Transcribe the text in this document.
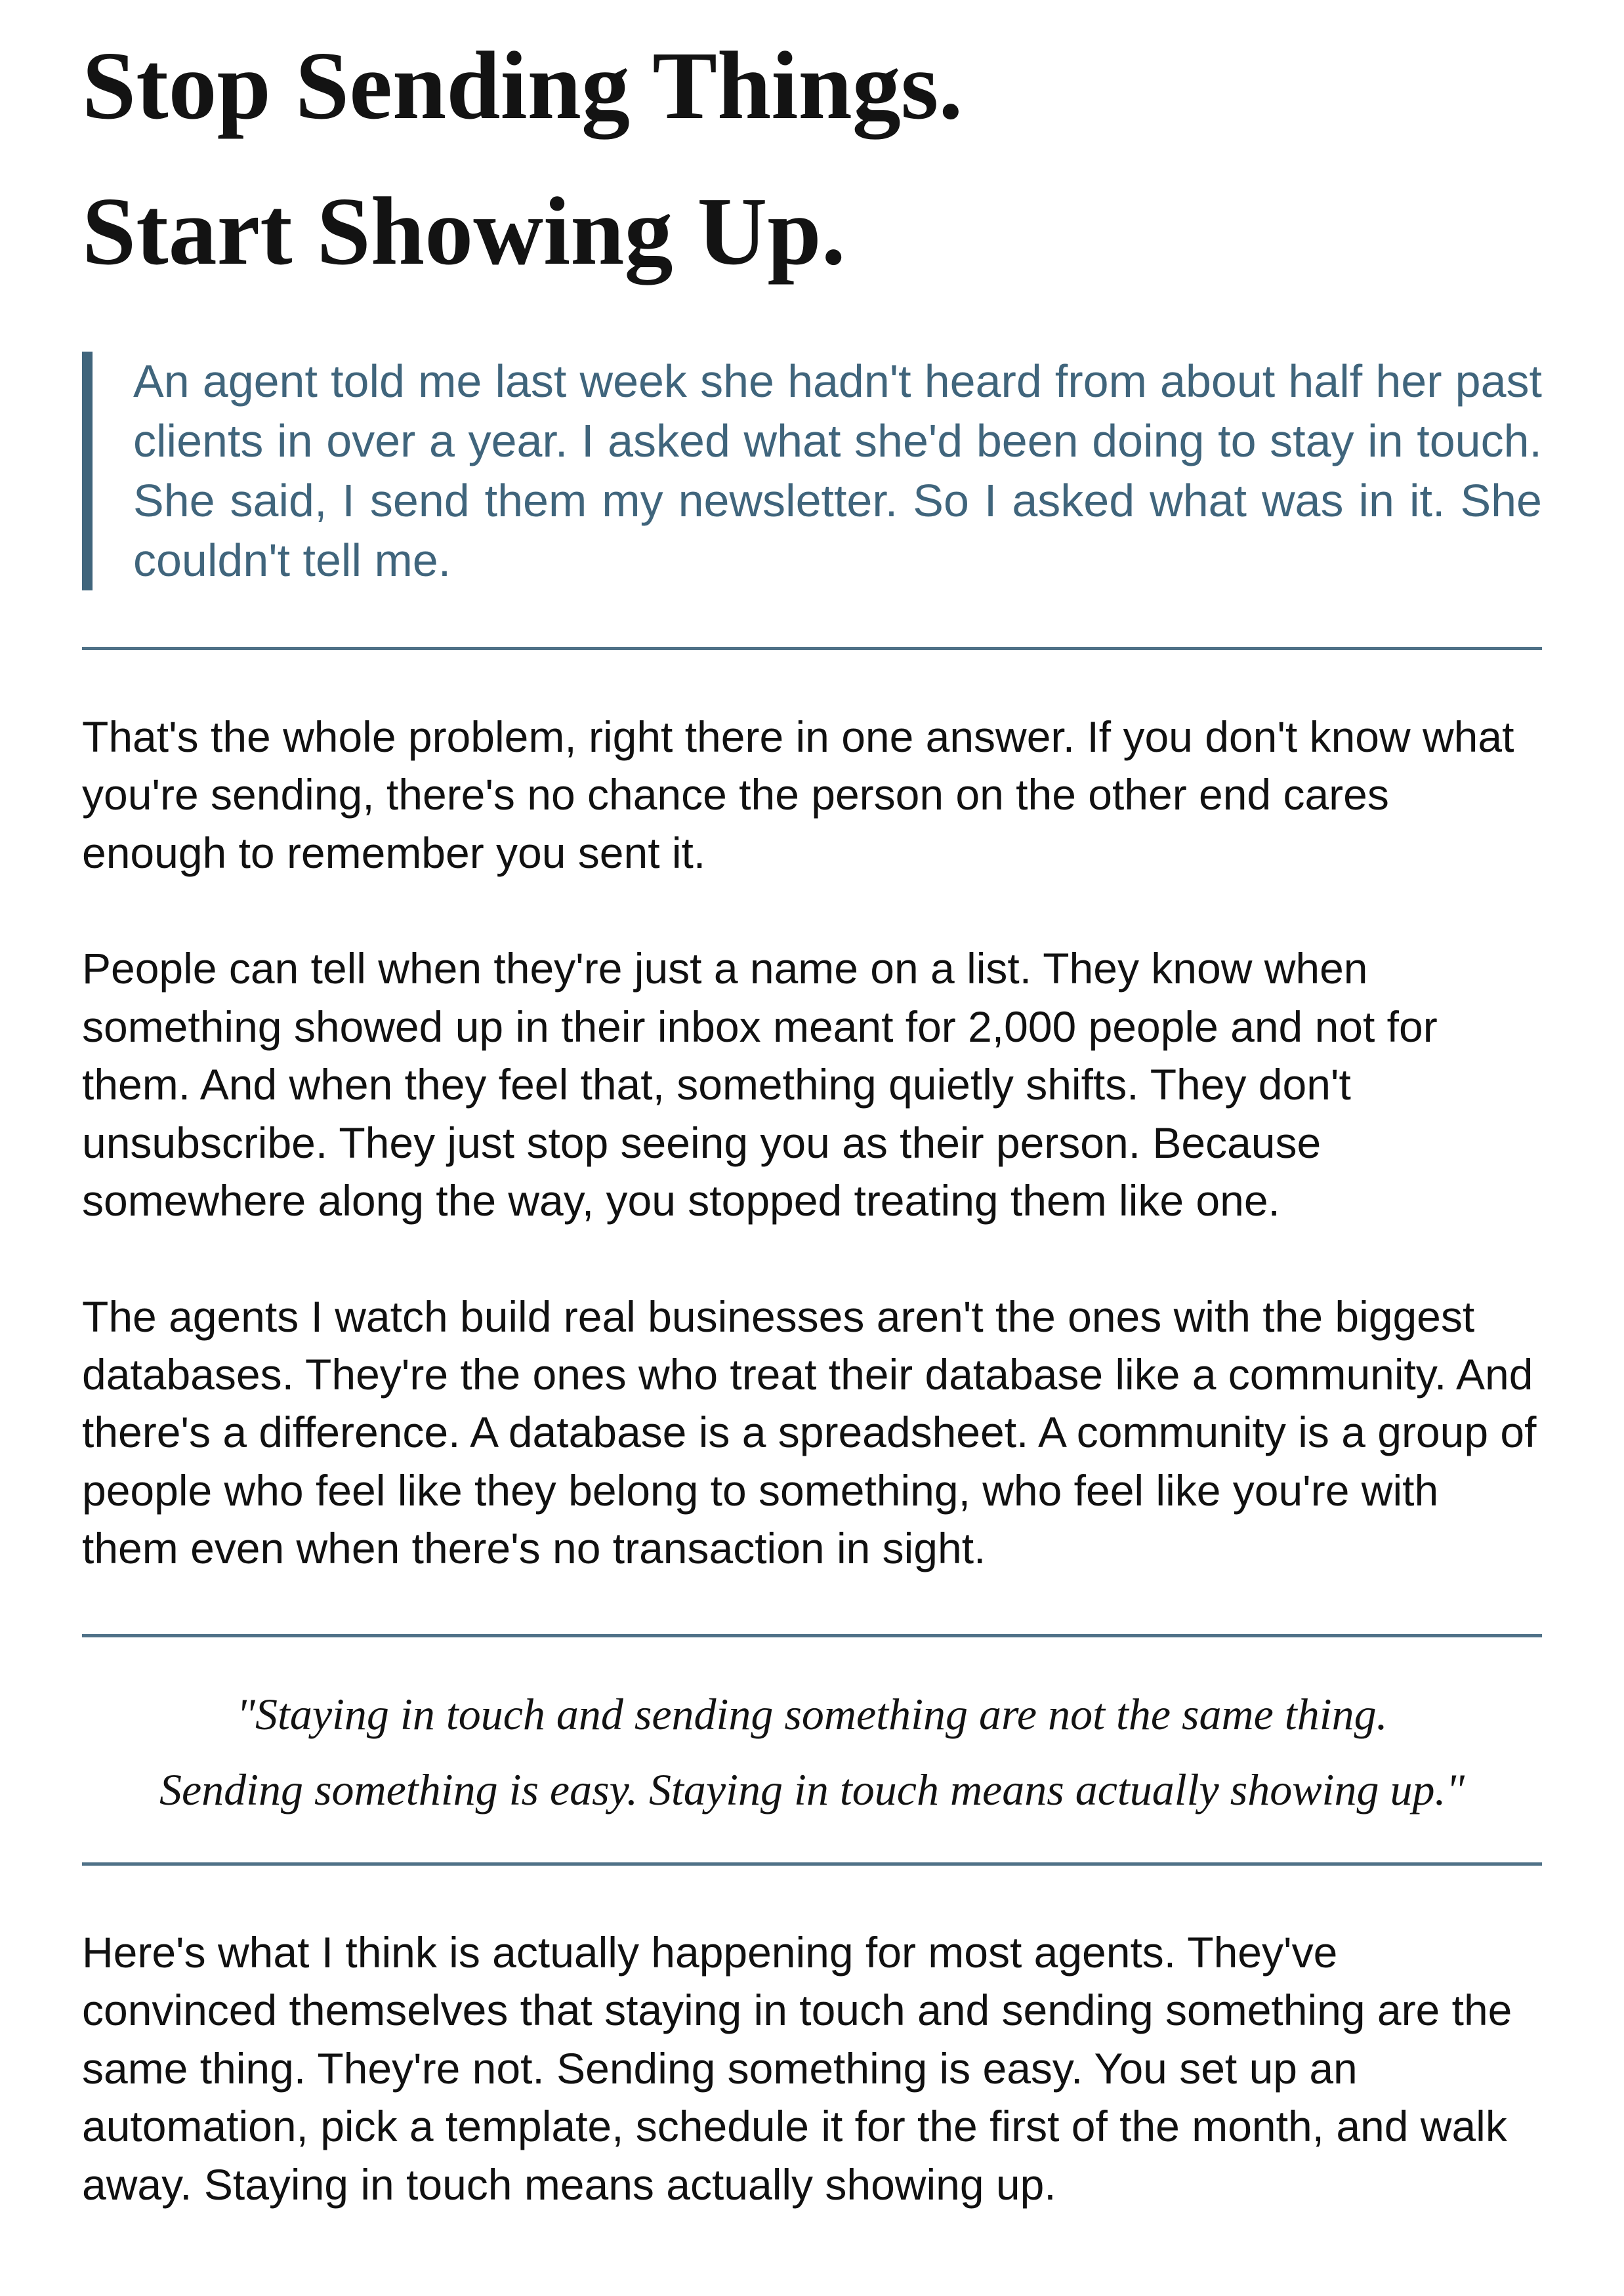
Stop Sending Things.
Start Showing Up.

An agent told me last week she hadn't heard from about half her past clients in over a year. I asked what she'd been doing to stay in touch. She said, I send them my newsletter. So I asked what was in it. She couldn't tell me.

That's the whole problem, right there in one answer. If you don't know what you're sending, there's no chance the person on the other end cares enough to remember you sent it.

People can tell when they're just a name on a list. They know when something showed up in their inbox meant for 2,000 people and not for them. And when they feel that, something quietly shifts. They don't unsubscribe. They just stop seeing you as their person. Because somewhere along the way, you stopped treating them like one.

The agents I watch build real businesses aren't the ones with the biggest databases. They're the ones who treat their database like a community. And there's a difference. A database is a spreadsheet. A community is a group of people who feel like they belong to something, who feel like you're with them even when there's no transaction in sight.

"Staying in touch and sending something are not the same thing.
Sending something is easy. Staying in touch means actually showing up."

Here's what I think is actually happening for most agents. They've convinced themselves that staying in touch and sending something are the same thing. They're not. Sending something is easy. You set up an automation, pick a template, schedule it for the first of the month, and walk away. Staying in touch means actually showing up.
